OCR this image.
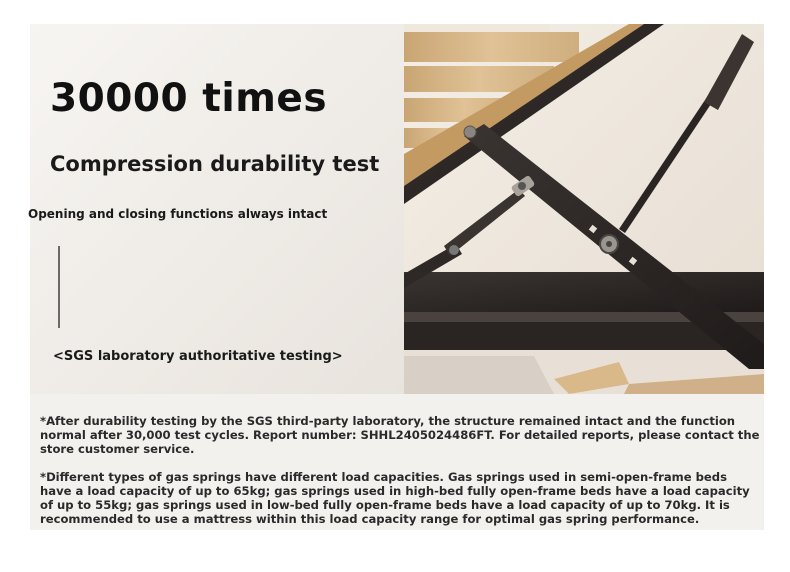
30000 times
Compression durability test
Opening and closing functions always intact
<SGS laboratory authoritative testing>

*After durability testing by the SGS third-party laboratory, the structure remained intact and the function normal after 30,000 test cycles. Report number: SHHL2405024486FT. For detailed reports, please contact the store customer service.

*Different types of gas springs have different load capacities. Gas springs used in semi-open-frame beds have a load capacity of up to 65kg; gas springs used in high-bed fully open-frame beds have a load capacity of up to 55kg; gas springs used in low-bed fully open-frame beds have a load capacity of up to 70kg. It is recommended to use a mattress within this load capacity range for optimal gas spring performance.
